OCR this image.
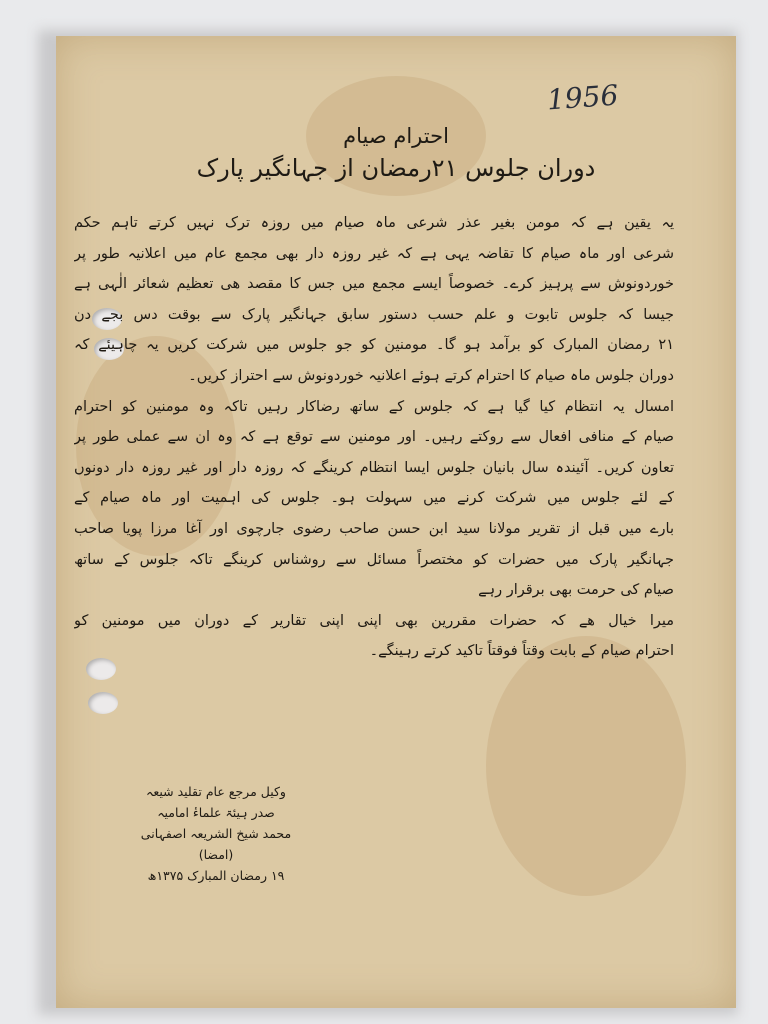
1956
احترام صیام
دوران جلوس ۲۱رمضان از جہانگیر پارک
یہ یقین ہے کہ مومن بغیر عذر شرعی ماہ صیام میں روزہ ترک نہیں کرتے تاہم حکم
شرعی اور ماہ صیام کا تقاضہ یہی ہے کہ غیر روزہ دار بھی مجمع عام میں اعلانیہ طور پر
خوردونوش سے پرہیز کرے۔ خصوصاً ایسے مجمع میں جس کا مقصد ھی تعظیم شعائر الٰہی ہے
جیسا کہ جلوس تابوت و علم حسب دستور سابق جہانگیر پارک سے بوقت دس بجے دن
۲۱ رمضان المبارک کو برآمد ہو گا۔ مومنین کو جو جلوس میں شرکت کریں یہ چاہیئے کہ
دوران جلوس ماہ صیام کا احترام کرتے ہوئے اعلانیہ خوردونوش سے احتراز کریں۔
امسال یہ انتظام کیا گیا ہے کہ جلوس کے ساتھ رضاکار رہیں تاکہ وہ مومنین کو احترام
صیام کے منافی افعال سے روکتے رہیں۔ اور مومنین سے توقع ہے کہ وہ ان سے عملی طور پر
تعاون کریں۔ آئیندہ سال بانیان جلوس ایسا انتظام کرینگے کہ روزہ دار اور غیر روزہ دار دونوں
کے لئے جلوس میں شرکت کرنے میں سہولت ہو۔ جلوس کی اہمیت اور ماہ صیام کے
بارے میں قبل از تقریر مولانا سید ابن حسن صاحب رضوی جارچوی اور آغا مرزا پویا صاحب
جہانگیر پارک میں حضرات کو مختصراً مسائل سے روشناس کرینگے تاکہ جلوس کے ساتھ
صیام کی حرمت بھی برقرار رہے
میرا خیال ھے کہ حضرات مقررین بھی اپنی اپنی تقاریر کے دوران میں مومنین کو
احترام صیام کے بابت وقتاً فوقتاً تاکید کرتے رہینگے۔
وکیل مرجع عام تقلید شیعہ
صدر ہیئۃ علماءٔ امامیہ
محمد شیخ الشریعہ اصفہانی
(امضا)
۱۹ رمضان المبارک ۱۳۷۵ھ
